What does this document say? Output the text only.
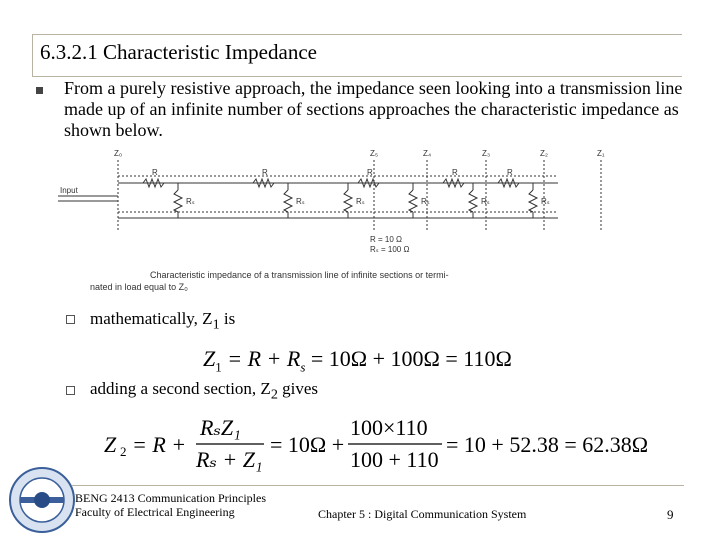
6.3.2.1 Characteristic Impedance
From a purely resistive approach, the impedance seen looking into a transmission line made up of an infinite number of sections approaches the characteristic impedance as shown below.
Input
Z₀	Z₅	Z₄	Z₃	Z₂	Z₁
R	R	R	R	R
Rₛ	Rₛ	Rₛ	Rₛ	Rₛ	Rₛ
R = 10 Ω
Rₛ = 100 Ω
Characteristic impedance of a transmission line of infinite sections or termi-
nated in load equal to Z₀
mathematically, $Z_1$ is
$Z_1 = R + R_s = 10\Omega + 100\Omega = 110\Omega$
adding a second section, $Z_2$ gives
Z 2 = R +
RₛZ₁
Rₛ + Z₁
= 10Ω +
100×110
100 + 110
= 10 + 52.38 = 62.38Ω
BENG 2413 Communication Principles
Faculty of Electrical Engineering	Chapter 5 : Digital Communication System	9
